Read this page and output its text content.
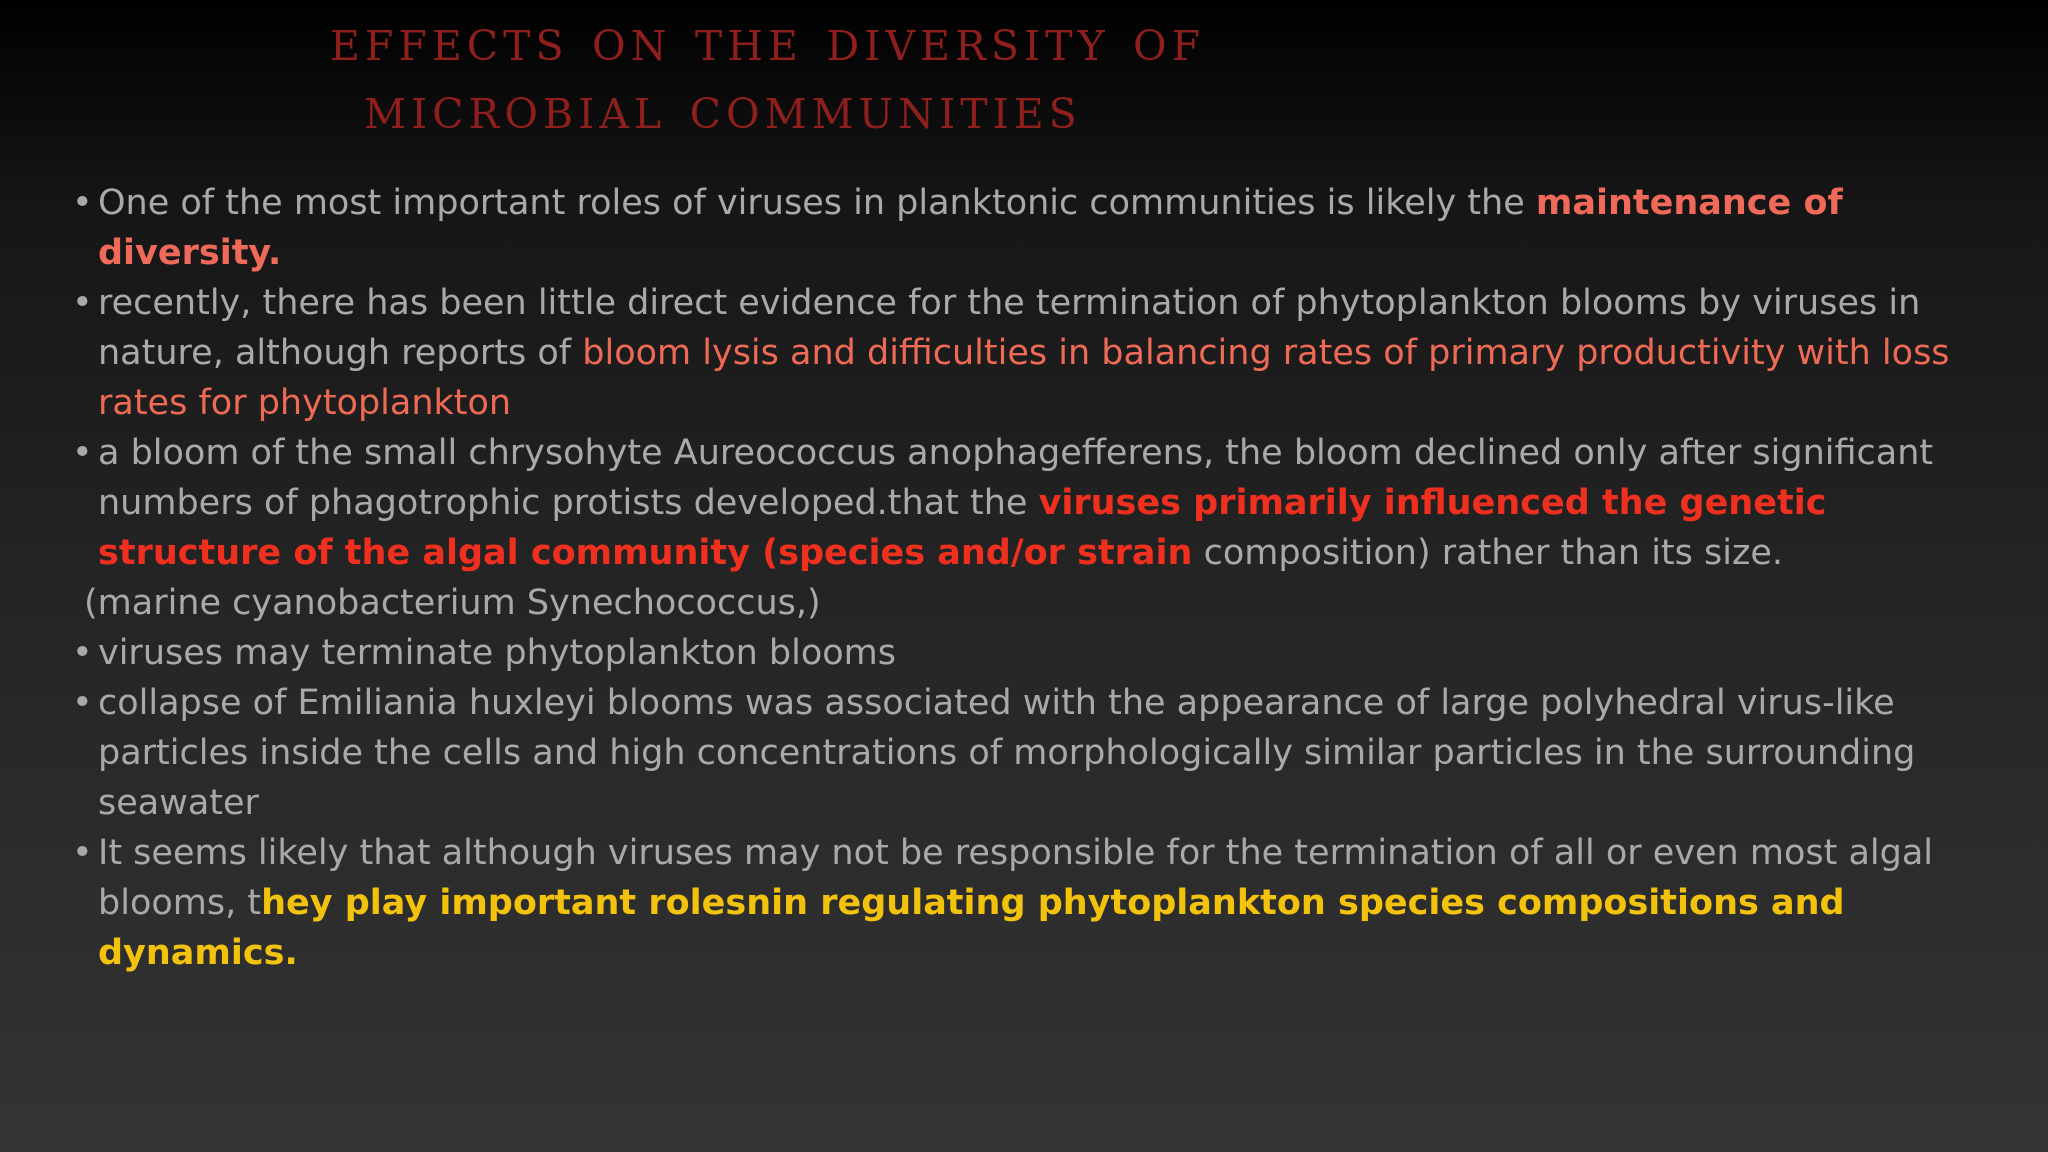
effects on the diversity of
microbial communities
• One of the most important roles of viruses in planktonic communities is likely the maintenance of diversity.
• recently, there has been little direct evidence for the termination of phytoplankton blooms by viruses in nature, although reports of bloom lysis and difficulties in balancing rates of primary productivity with loss rates for phytoplankton
• a bloom of the small chrysohyte Aureococcus anophagefferens, the bloom declined only after significant numbers of phagotrophic protists developed.that the viruses primarily influenced the genetic structure of the algal community (species and/or strain composition) rather than its size.
(marine cyanobacterium Synechococcus,)
• viruses may terminate phytoplankton blooms
• collapse of Emiliania huxleyi blooms was associated with the appearance of large polyhedral virus-like particles inside the cells and high concentrations of morphologically similar particles in the surrounding seawater
• It seems likely that although viruses may not be responsible for the termination of all or even most algal blooms, they play important rolesnin regulating phytoplankton species compositions and dynamics.
